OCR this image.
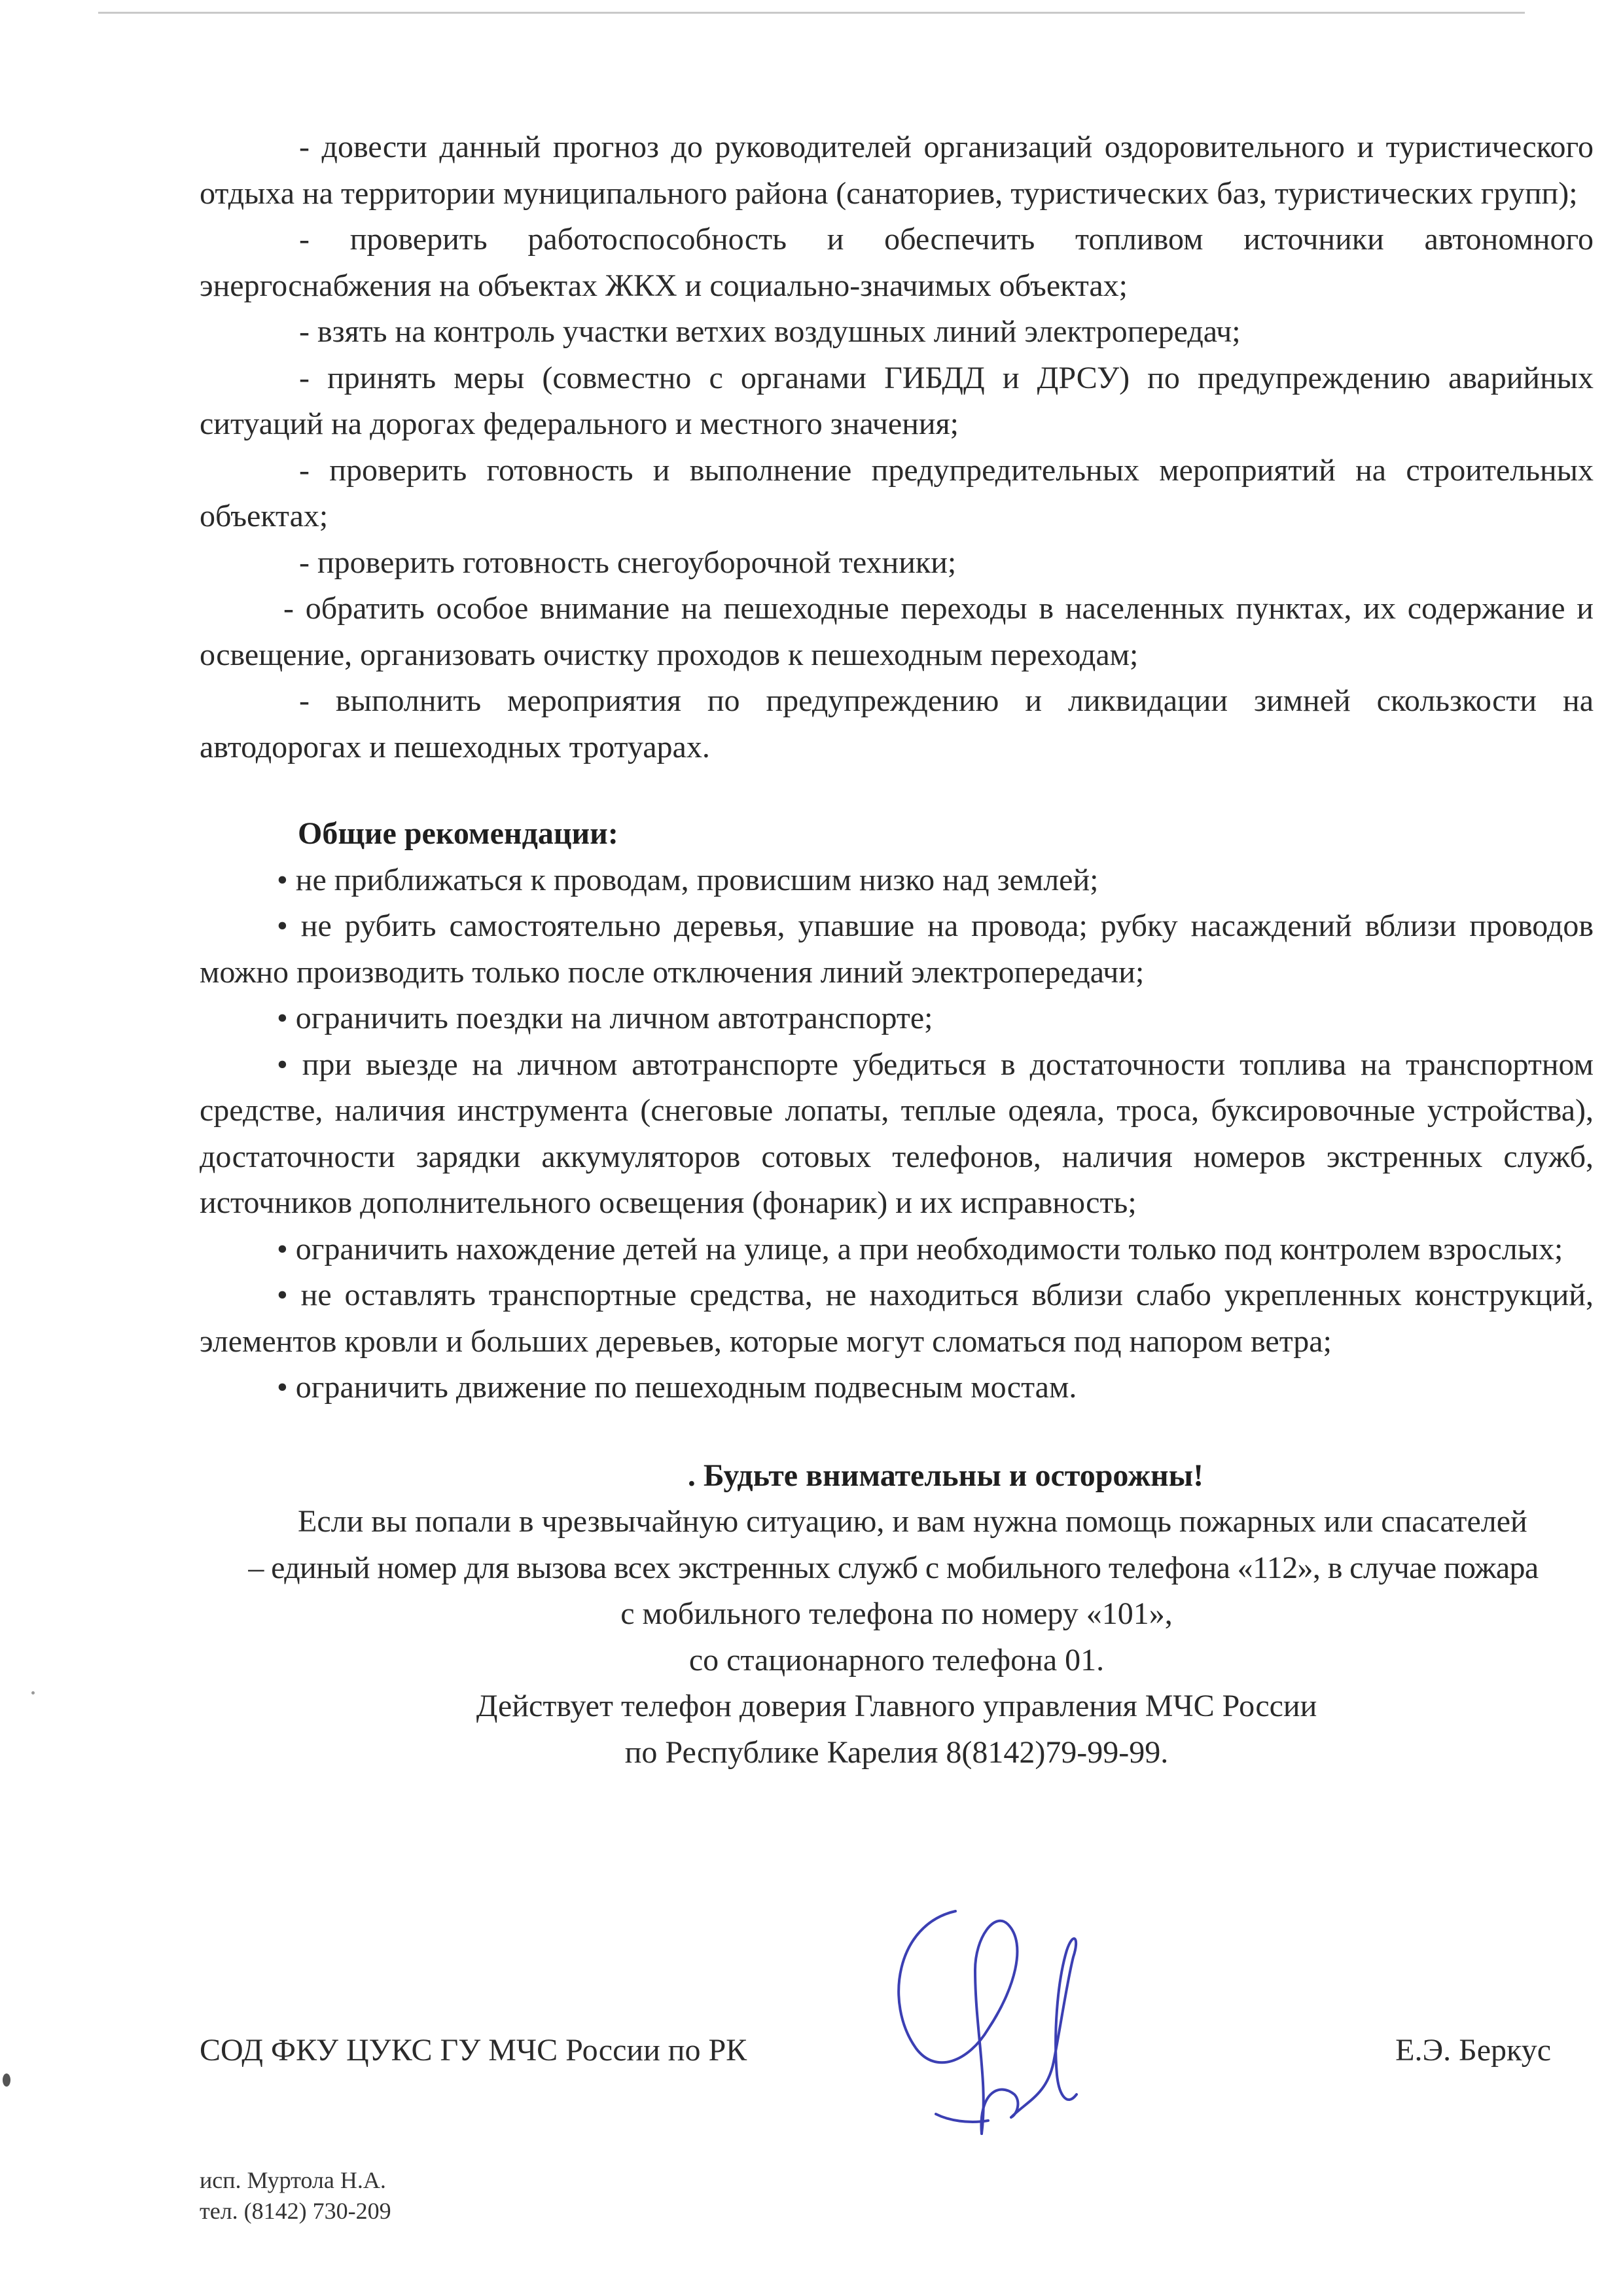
- довести данный прогноз до руководителей организаций оздоровительного и туристического отдыха на территории муниципального района (санаториев, туристических баз, туристических групп);

- проверить работоспособность и обеспечить топливом источники автономного энергоснабжения на объектах ЖКХ и социально-значимых объектах;

- взять на контроль участки ветхих воздушных линий электропередач;

- принять меры (совместно с органами ГИБДД и ДРСУ) по предупреждению аварийных ситуаций на дорогах федерального и местного значения;

- проверить готовность и выполнение предупредительных мероприятий на строительных объектах;

- проверить готовность снегоуборочной техники;

- обратить особое внимание на пешеходные переходы в населенных пунктах, их содержание и освещение, организовать очистку проходов к пешеходным переходам;

- выполнить мероприятия по предупреждению и ликвидации зимней скользкости на автодорогах и пешеходных тротуарах.

Общие рекомендации:

• не приближаться к проводам, провисшим низко над землей;

• не рубить самостоятельно деревья, упавшие на провода; рубку насаждений вблизи проводов можно производить только после отключения линий электропередачи;

• ограничить поездки на личном автотранспорте;

• при выезде на личном автотранспорте убедиться в достаточности топлива на транспортном средстве, наличия инструмента (снеговые лопаты, теплые одеяла, троса, буксировочные устройства), достаточности зарядки аккумуляторов сотовых телефонов, наличия номеров экстренных служб, источников дополнительного освещения (фонарик) и их исправность;

• ограничить нахождение детей на улице, а при необходимости только под контролем взрослых;

• не оставлять транспортные средства, не находиться вблизи слабо укрепленных конструкций, элементов кровли и больших деревьев, которые могут сломаться под напором ветра;

• ограничить движение по пешеходным подвесным мостам.

. Будьте внимательны и осторожны!

Если вы попали в чрезвычайную ситуацию, и вам нужна помощь пожарных или спасателей

– единый номер для вызова всех экстренных служб с мобильного телефона «112», в случае пожара

с мобильного телефона по номеру «101»,

со стационарного телефона 01.

Действует телефон доверия Главного управления МЧС России

по Республике Карелия 8(8142)79-99-99.

СОД ФКУ ЦУКС ГУ МЧС России по РК	Е.Э. Беркус
исп. Муртола Н.А.
тел. (8142) 730-209
